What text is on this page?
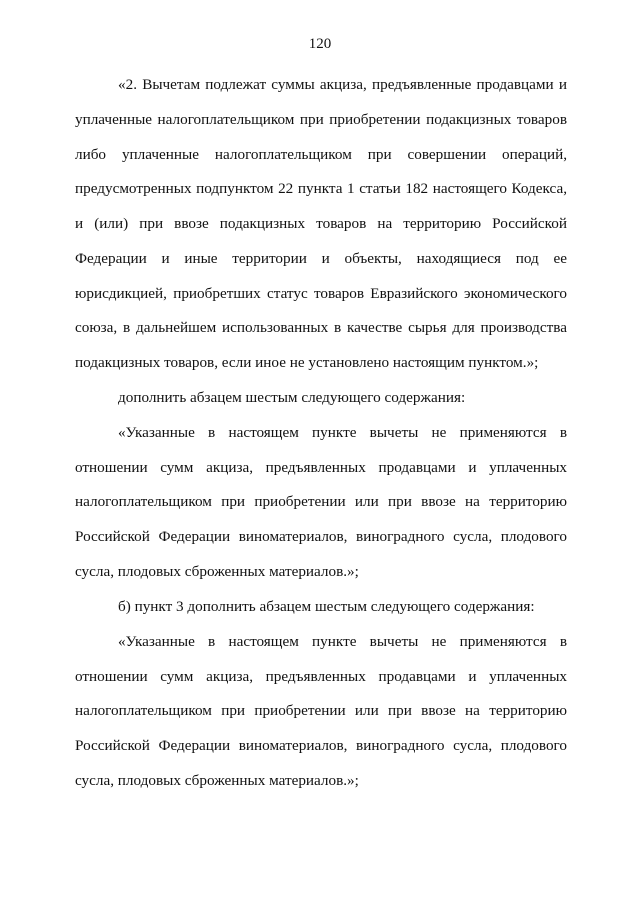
120
«2. Вычетам подлежат суммы акциза, предъявленные продавцами и
уплаченные налогоплательщиком при приобретении подакцизных товаров
либо уплаченные налогоплательщиком при совершении операций,
предусмотренных подпунктом 22 пункта 1 статьи 182 настоящего Кодекса,
и (или) при ввозе подакцизных товаров на территорию Российской
Федерации и иные территории и объекты, находящиеся под ее
юрисдикцией, приобретших статус товаров Евразийского экономического
союза, в дальнейшем использованных в качестве сырья для производства
подакцизных товаров, если иное не установлено настоящим пунктом.»;
дополнить абзацем шестым следующего содержания:
«Указанные в настоящем пункте вычеты не применяются в
отношении сумм акциза, предъявленных продавцами и уплаченных
налогоплательщиком при приобретении или при ввозе на территорию
Российской Федерации виноматериалов, виноградного сусла, плодового
сусла, плодовых сброженных материалов.»;
б) пункт 3 дополнить абзацем шестым следующего содержания:
«Указанные в настоящем пункте вычеты не применяются в
отношении сумм акциза, предъявленных продавцами и уплаченных
налогоплательщиком при приобретении или при ввозе на территорию
Российской Федерации виноматериалов, виноградного сусла, плодового
сусла, плодовых сброженных материалов.»;
